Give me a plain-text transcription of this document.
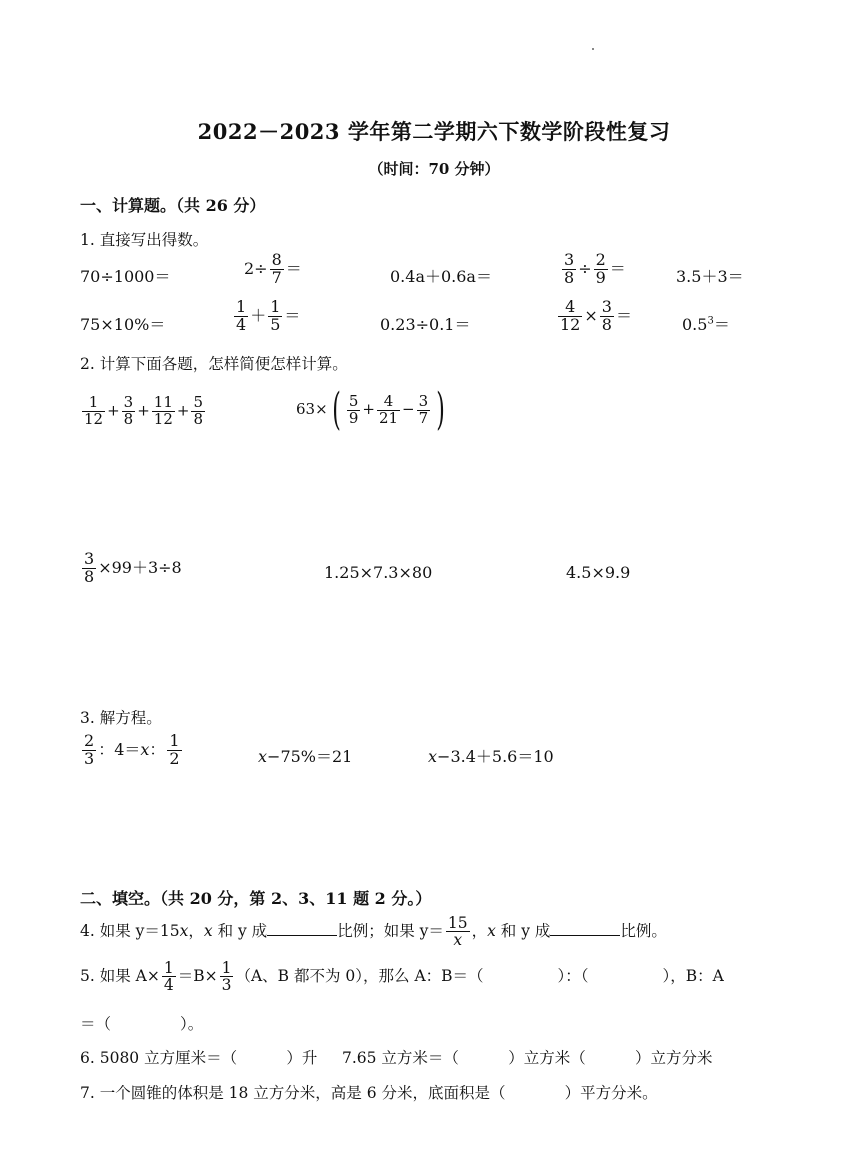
2022－2023 学年第二学期六下数学阶段性复习
（时间：70 分钟）
一、计算题。（共 26 分）
1. 直接写出得数。
70÷1000＝	$2\div \frac{8}{7}$ ＝	0.4a＋0.6a＝	$\frac{3}{8} \div \frac{2}{9}$ ＝	3.5＋3＝
75×10%＝	$\frac{1}{4} + \frac{1}{5}$ ＝	0.23÷0.1＝	$\frac{4}{12} \times \frac{3}{8}$ ＝	$0.5^3=$
2. 计算下面各题，怎样简便怎样计算。
$\frac{1}{12} + \frac{3}{8} + \frac{11}{12} + \frac{5}{8}$	$63\times( \frac{5}{9} + \frac{4}{21} - \frac{3}{7}$ )
$\frac{3}{8} \times 99+3\div 8$	1.25×7.3×80	4.5×9.9
3. 解方程。
$\frac{2}{3}$ ：4＝x： $\frac{1}{2}$	x−75%＝21	x−3.4＋5.6＝10
二、填空。（共 20 分，第 2、3、11 题 2 分。）
4. 如果 y＝15x，x 和 y 成	比例；如果 $y= \frac{15}{x}$ ，x 和 y 成	比例。
5. 如果 $A\times \frac{1}{4} =B\times \frac{1}{3} (A$、B 都不为 0），那么 A：B＝（	）：（	），B：A
＝（              ）。
6. 5080 立方厘米＝（          ）升     7.65 立方米＝（          ）立方米（          ）立方分米
7. 一个圆锥的体积是 18 立方分米，高是 6 分米，底面积是（            ）平方分米。
